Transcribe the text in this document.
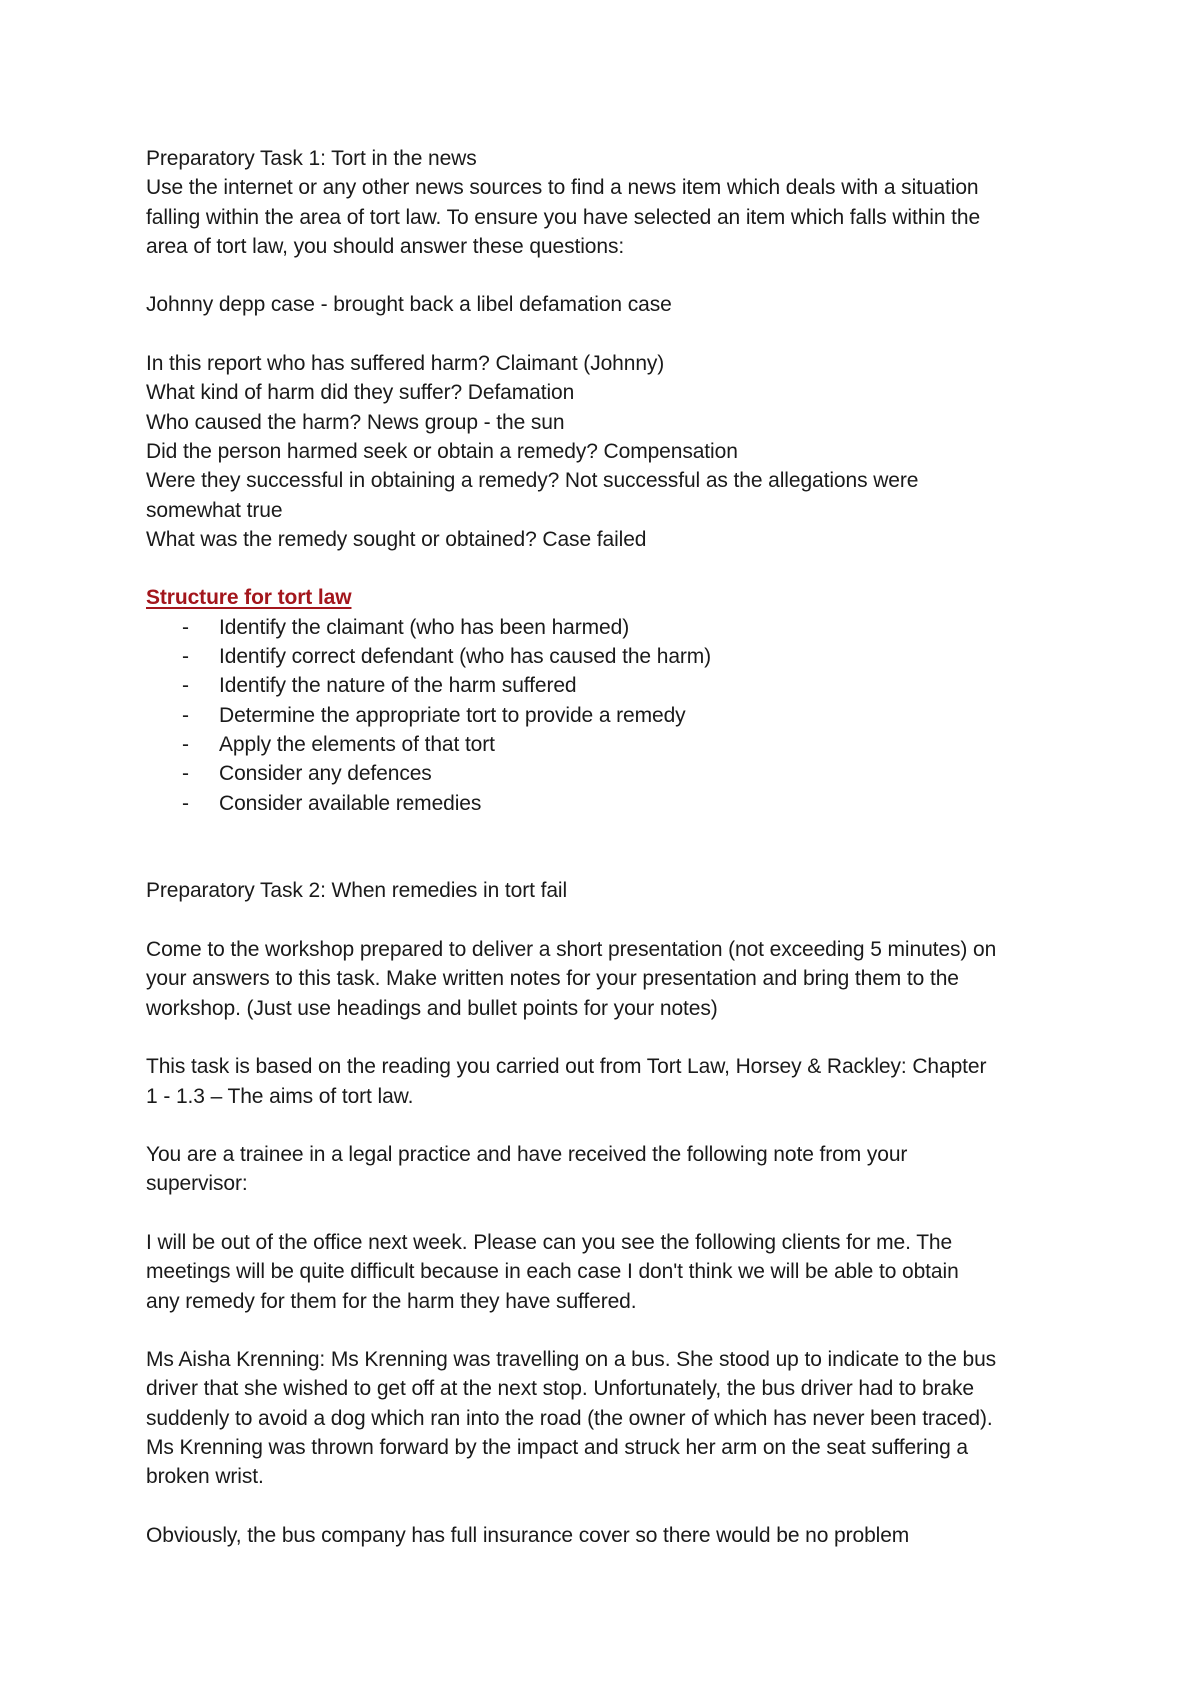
Preparatory Task 1: Tort in the news
Use the internet or any other news sources to find a news item which deals with a situation
falling within the area of tort law. To ensure you have selected an item which falls within the
area of tort law, you should answer these questions:
Johnny depp case - brought back a libel defamation case
In this report who has suffered harm? Claimant (Johnny)
What kind of harm did they suffer? Defamation
Who caused the harm? News group - the sun
Did the person harmed seek or obtain a remedy? Compensation
Were they successful in obtaining a remedy? Not successful as the allegations were
somewhat true
What was the remedy sought or obtained? Case failed
Structure for tort law
- Identify the claimant (who has been harmed)
- Identify correct defendant (who has caused the harm)
- Identify the nature of the harm suffered
- Determine the appropriate tort to provide a remedy
- Apply the elements of that tort
- Consider any defences
- Consider available remedies
Preparatory Task 2: When remedies in tort fail
Come to the workshop prepared to deliver a short presentation (not exceeding 5 minutes) on
your answers to this task. Make written notes for your presentation and bring them to the
workshop. (Just use headings and bullet points for your notes)
This task is based on the reading you carried out from Tort Law, Horsey & Rackley: Chapter
1 - 1.3 – The aims of tort law.
You are a trainee in a legal practice and have received the following note from your
supervisor:
I will be out of the office next week. Please can you see the following clients for me. The
meetings will be quite difficult because in each case I don't think we will be able to obtain
any remedy for them for the harm they have suffered.
Ms Aisha Krenning: Ms Krenning was travelling on a bus. She stood up to indicate to the bus
driver that she wished to get off at the next stop. Unfortunately, the bus driver had to brake
suddenly to avoid a dog which ran into the road (the owner of which has never been traced).
Ms Krenning was thrown forward by the impact and struck her arm on the seat suffering a
broken wrist.
Obviously, the bus company has full insurance cover so there would be no problem
